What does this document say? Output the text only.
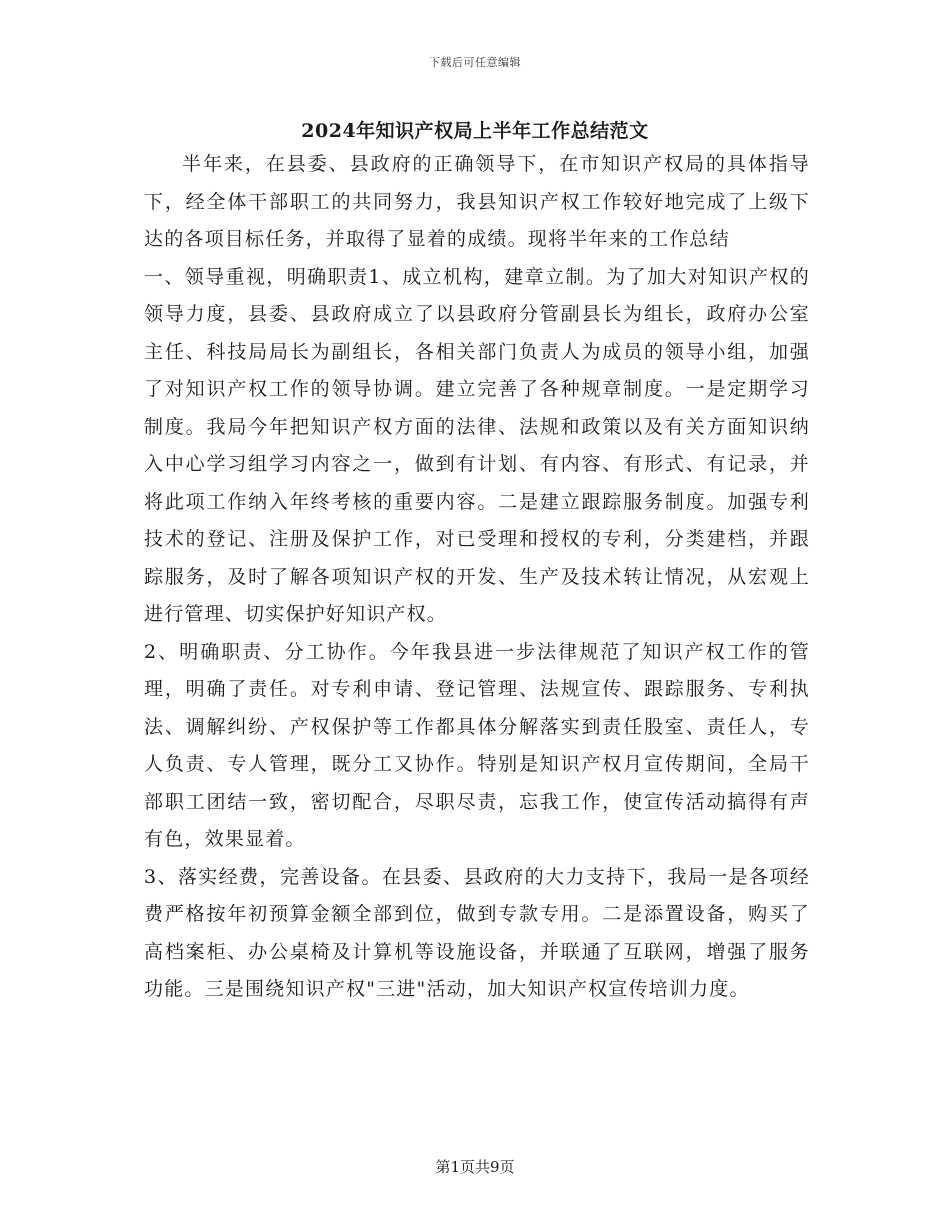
下载后可任意编辑
2024年知识产权局上半年工作总结范文

半年来，在县委、县政府的正确领导下，在市知识产权局的具体指导下，经全体干部职工的共同努力，我县知识产权工作较好地完成了上级下达的各项目标任务，并取得了显着的成绩。现将半年来的工作总结

一、领导重视，明确职责1、成立机构，建章立制。为了加大对知识产权的领导力度，县委、县政府成立了以县政府分管副县长为组长，政府办公室主任、科技局局长为副组长，各相关部门负责人为成员的领导小组，加强了对知识产权工作的领导协调。建立完善了各种规章制度。一是定期学习制度。我局今年把知识产权方面的法律、法规和政策以及有关方面知识纳入中心学习组学习内容之一，做到有计划、有内容、有形式、有记录，并将此项工作纳入年终考核的重要内容。二是建立跟踪服务制度。加强专利技术的登记、注册及保护工作，对已受理和授权的专利，分类建档，并跟踪服务，及时了解各项知识产权的开发、生产及技术转让情况，从宏观上进行管理、切实保护好知识产权。

2、明确职责、分工协作。今年我县进一步法律规范了知识产权工作的管理，明确了责任。对专利申请、登记管理、法规宣传、跟踪服务、专利执法、调解纠纷、产权保护等工作都具体分解落实到责任股室、责任人，专人负责、专人管理，既分工又协作。特别是知识产权月宣传期间，全局干部职工团结一致，密切配合，尽职尽责，忘我工作，使宣传活动搞得有声有色，效果显着。

3、落实经费，完善设备。在县委、县政府的大力支持下，我局一是各项经费严格按年初预算金额全部到位，做到专款专用。二是添置设备，购买了高档案柜、办公桌椅及计算机等设施设备，并联通了互联网，增强了服务功能。三是围绕知识产权"三进"活动，加大知识产权宣传培训力度。

第1页共9页
